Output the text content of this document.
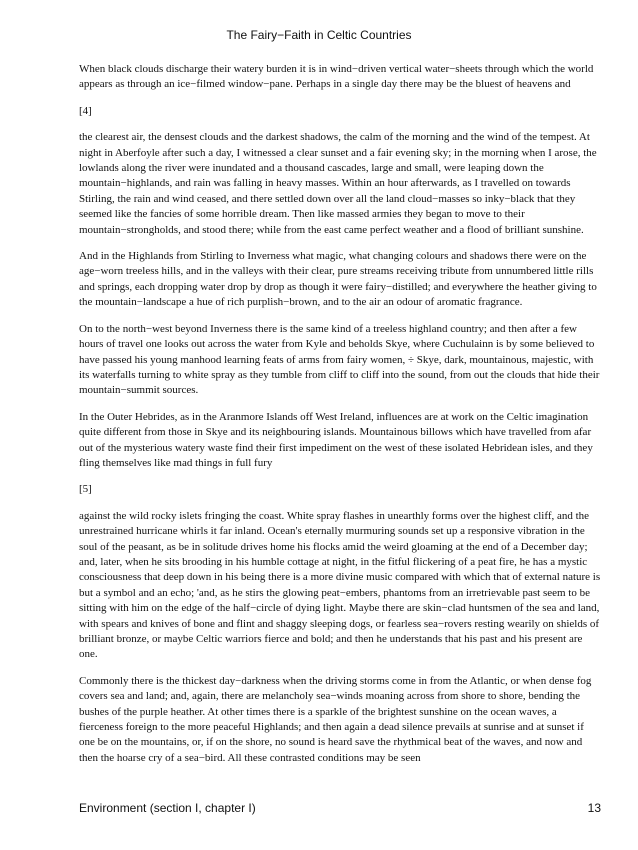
The Fairy−Faith in Celtic Countries

When black clouds discharge their watery burden it is in wind−driven vertical water−sheets through which the world appears as through an ice−filmed window−pane. Perhaps in a single day there may be the bluest of heavens and

[4]

the clearest air, the densest clouds and the darkest shadows, the calm of the morning and the wind of the tempest. At night in Aberfoyle after such a day, I witnessed a clear sunset and a fair evening sky; in the morning when I arose, the lowlands along the river were inundated and a thousand cascades, large and small, were leaping down the mountain−highlands, and rain was falling in heavy masses. Within an hour afterwards, as I travelled on towards Stirling, the rain and wind ceased, and there settled down over all the land cloud−masses so inky−black that they seemed like the fancies of some horrible dream. Then like massed armies they began to move to their mountain−strongholds, and stood there; while from the east came perfect weather and a flood of brilliant sunshine.

And in the Highlands from Stirling to Inverness what magic, what changing colours and shadows there were on the age−worn treeless hills, and in the valleys with their clear, pure streams receiving tribute from unnumbered little rills and springs, each dropping water drop by drop as though it were fairy−distilled; and everywhere the heather giving to the mountain−landscape a hue of rich purplish−brown, and to the air an odour of aromatic fragrance.

On to the north−west beyond Inverness there is the same kind of a treeless highland country; and then after a few hours of travel one looks out across the water from Kyle and beholds Skye, where Cuchulainn is by some believed to have passed his young manhood learning feats of arms from fairy women, ÷ Skye, dark, mountainous, majestic, with its waterfalls turning to white spray as they tumble from cliff to cliff into the sound, from out the clouds that hide their mountain−summit sources.

In the Outer Hebrides, as in the Aranmore Islands off West Ireland, influences are at work on the Celtic imagination quite different from those in Skye and its neighbouring islands. Mountainous billows which have travelled from afar out of the mysterious watery waste find their first impediment on the west of these isolated Hebridean isles, and they fling themselves like mad things in full fury

[5]

against the wild rocky islets fringing the coast. White spray flashes in unearthly forms over the highest cliff, and the unrestrained hurricane whirls it far inland. Ocean's eternally murmuring sounds set up a responsive vibration in the soul of the peasant, as be in solitude drives home his flocks amid the weird gloaming at the end of a December day; and, later, when he sits brooding in his humble cottage at night, in the fitful flickering of a peat fire, he has a mystic consciousness that deep down in his being there is a more divine music compared with which that of external nature is but a symbol and an echo; 'and, as he stirs the glowing peat−embers, phantoms from an irretrievable past seem to be sitting with him on the edge of the half−circle of dying light. Maybe there are skin−clad huntsmen of the sea and land, with spears and knives of bone and flint and shaggy sleeping dogs, or fearless sea−rovers resting wearily on shields of brilliant bronze, or maybe Celtic warriors fierce and bold; and then he understands that his past and his present are one.

Commonly there is the thickest day−darkness when the driving storms come in from the Atlantic, or when dense fog covers sea and land; and, again, there are melancholy sea−winds moaning across from shore to shore, bending the bushes of the purple heather. At other times there is a sparkle of the brightest sunshine on the ocean waves, a fierceness foreign to the more peaceful Highlands; and then again a dead silence prevails at sunrise and at sunset if one be on the mountains, or, if on the shore, no sound is heard save the rhythmical beat of the waves, and now and then the hoarse cry of a sea−bird. All these contrasted conditions may be seen

Environment (section I, chapter I)	13
